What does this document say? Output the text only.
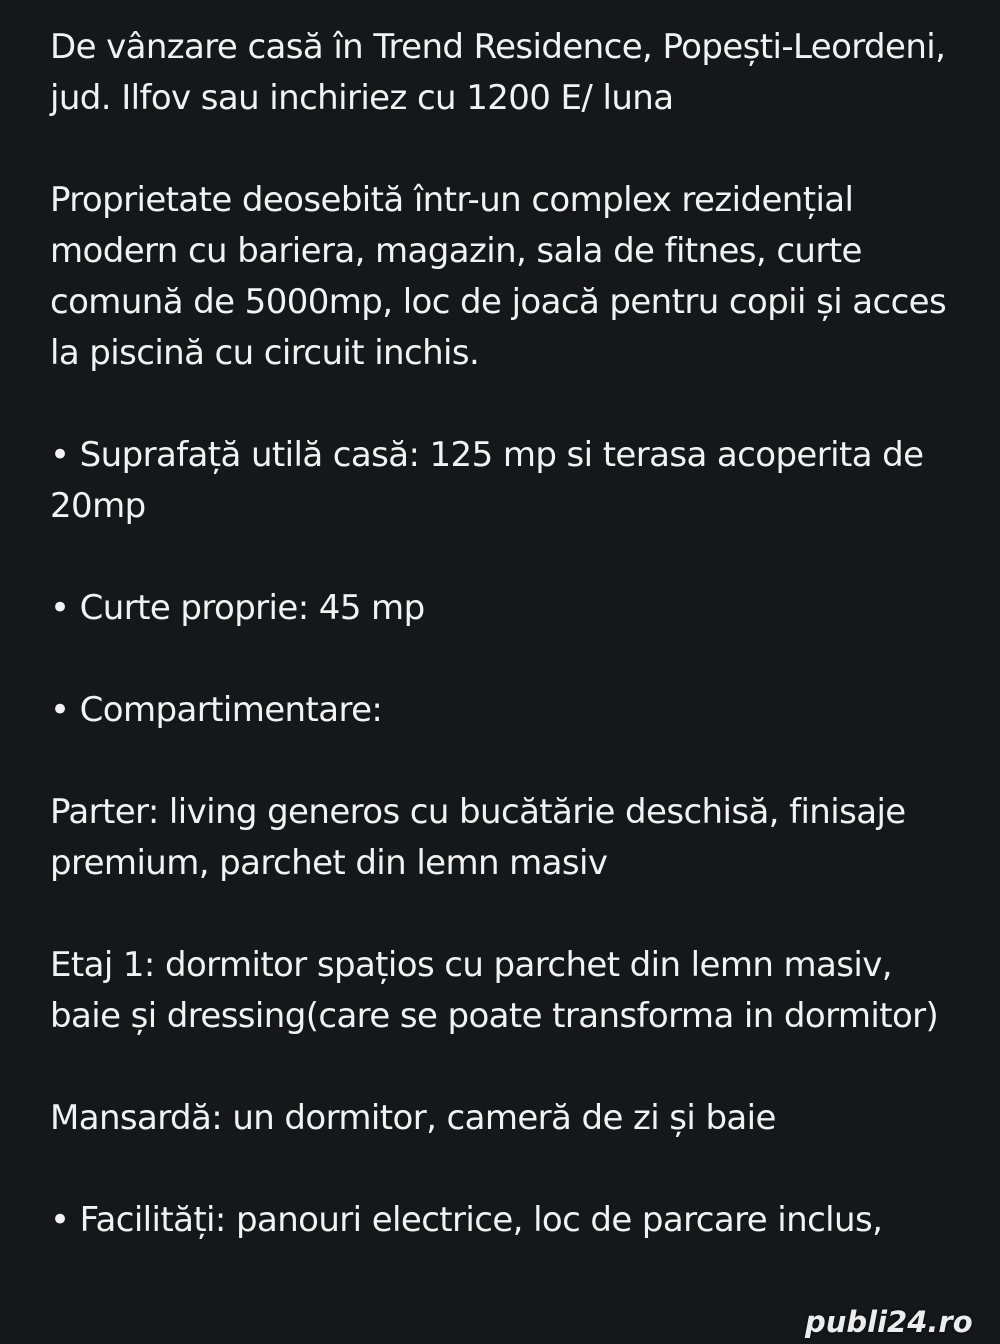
De vânzare casă în Trend Residence, Popești-Leordeni, jud. Ilfov sau inchiriez cu 1200 E/ luna

Proprietate deosebită într-un complex rezidențial modern cu bariera, magazin, sala de fitnes, curte comună de 5000mp, loc de joacă pentru copii și acces la piscină cu circuit inchis.

• Suprafață utilă casă: 125 mp si terasa acoperita de 20mp

• Curte proprie: 45 mp

• Compartimentare:

Parter: living generos cu bucătărie deschisă, finisaje premium, parchet din lemn masiv

Etaj 1: dormitor spațios cu parchet din lemn masiv, baie și dressing(care se poate transforma in dormitor)

Mansardă: un dormitor, cameră de zi și baie

• Facilități: panouri electrice, loc de parcare inclus,

publi24.ro
